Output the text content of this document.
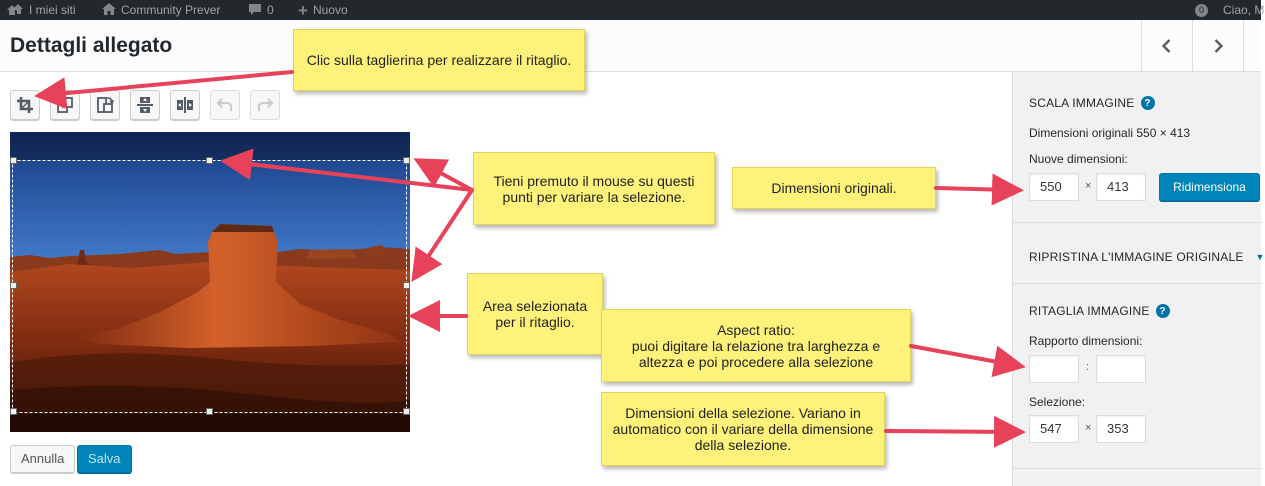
I miei siti	Community Prever	0 + Nuovo	0	Ciao, M
Dettagli allegato
Annulla	Salva
SCALA IMMAGINE ?
Dimensioni originali 550 × 413
Nuove dimensioni:
550	×	413	Ridimensiona
RIPRISTINA L'IMMAGINE ORIGINALE ▼
RITAGLIA IMMAGINE ?
Rapporto dimensioni:
:
Selezione:
547	×	353
Clic sulla taglierina per realizzare il ritaglio.
Tieni premuto il mouse su questi punti per variare la selezione.
Dimensioni originali.
Area selezionata per il ritaglio.	Aspect ratio:
puoi digitare la relazione tra larghezza e altezza e poi procedere alla selezione
Dimensioni della selezione. Variano in automatico con il variare della dimensione della selezione.
